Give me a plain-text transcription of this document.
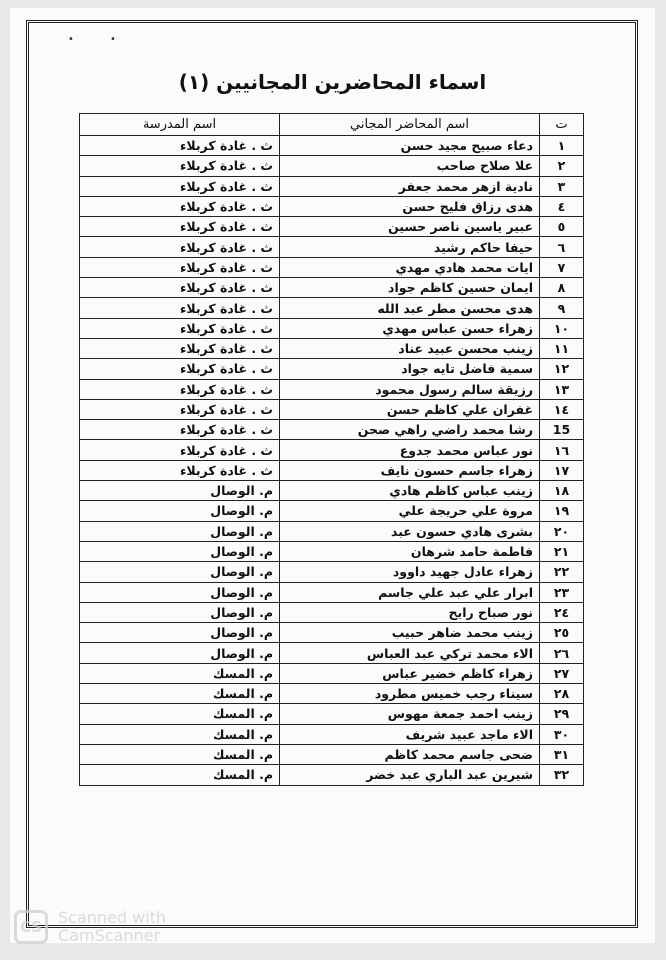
•	•
اسماء المحاضرين المجانيين (١)
ت	اسم المحاضر المجاني	اسم المدرسة
١	دعاء صبيح مجيد حسن	ث . غادة كربلاء
٢	علا صلاح صاحب	ث . غادة كربلاء
٣	نادية ازهر محمد جعفر	ث . غادة كربلاء
٤	هدى رزاق فليح حسن	ث . غادة كربلاء
٥	عبير ياسين ناصر حسين	ث . غادة كربلاء
٦	حيفا حاكم رشيد	ث . غادة كربلاء
٧	ايات محمد هادي مهدي	ث . غادة كربلاء
٨	ايمان حسين كاظم جواد	ث . غادة كربلاء
٩	هدى محسن مطر عبد الله	ث . غادة كربلاء
١٠	زهراء حسن عباس مهدي	ث . غادة كربلاء
١١	زينب محسن عبيد عناد	ث . غادة كربلاء
١٢	سمية فاضل تايه جواد	ث . غادة كربلاء
١٣	رزيقة سالم رسول محمود	ث . غادة كربلاء
١٤	غفران علي كاظم حسن	ث . غادة كربلاء
15	رشا محمد راضي راهي صحن	ث . غادة كربلاء
١٦	نور عباس محمد جدوع	ث . غادة كربلاء
١٧	زهراء جاسم حسون نايف	ث . غادة كربلاء
١٨	زينب عباس كاظم هادي	م. الوصال
١٩	مروة علي حريجة علي	م. الوصال
٢٠	بشرى هادي حسون عبد	م. الوصال
٢١	فاطمة حامد شرهان	م. الوصال
٢٢	زهراء عادل جهيد داوود	م. الوصال
٢٣	ابرار علي عبد علي جاسم	م. الوصال
٢٤	نور صباح رايح	م. الوصال
٢٥	زينب محمد ضاهر حبيب	م. الوصال
٢٦	الاء محمد تركي عبد العباس	م. الوصال
٢٧	زهراء كاظم خضير عباس	م. المسك
٢٨	سيناء رجب خميس مطرود	م. المسك
٢٩	زينب احمد جمعة مهوس	م. المسك
٣٠	الاء ماجد عبيد شريف	م. المسك
٣١	ضحى جاسم محمد كاظم	م. المسك
٣٢	شيرين عبد الباري عبد خضر	م. المسك
CS Scanned with
CamScanner
